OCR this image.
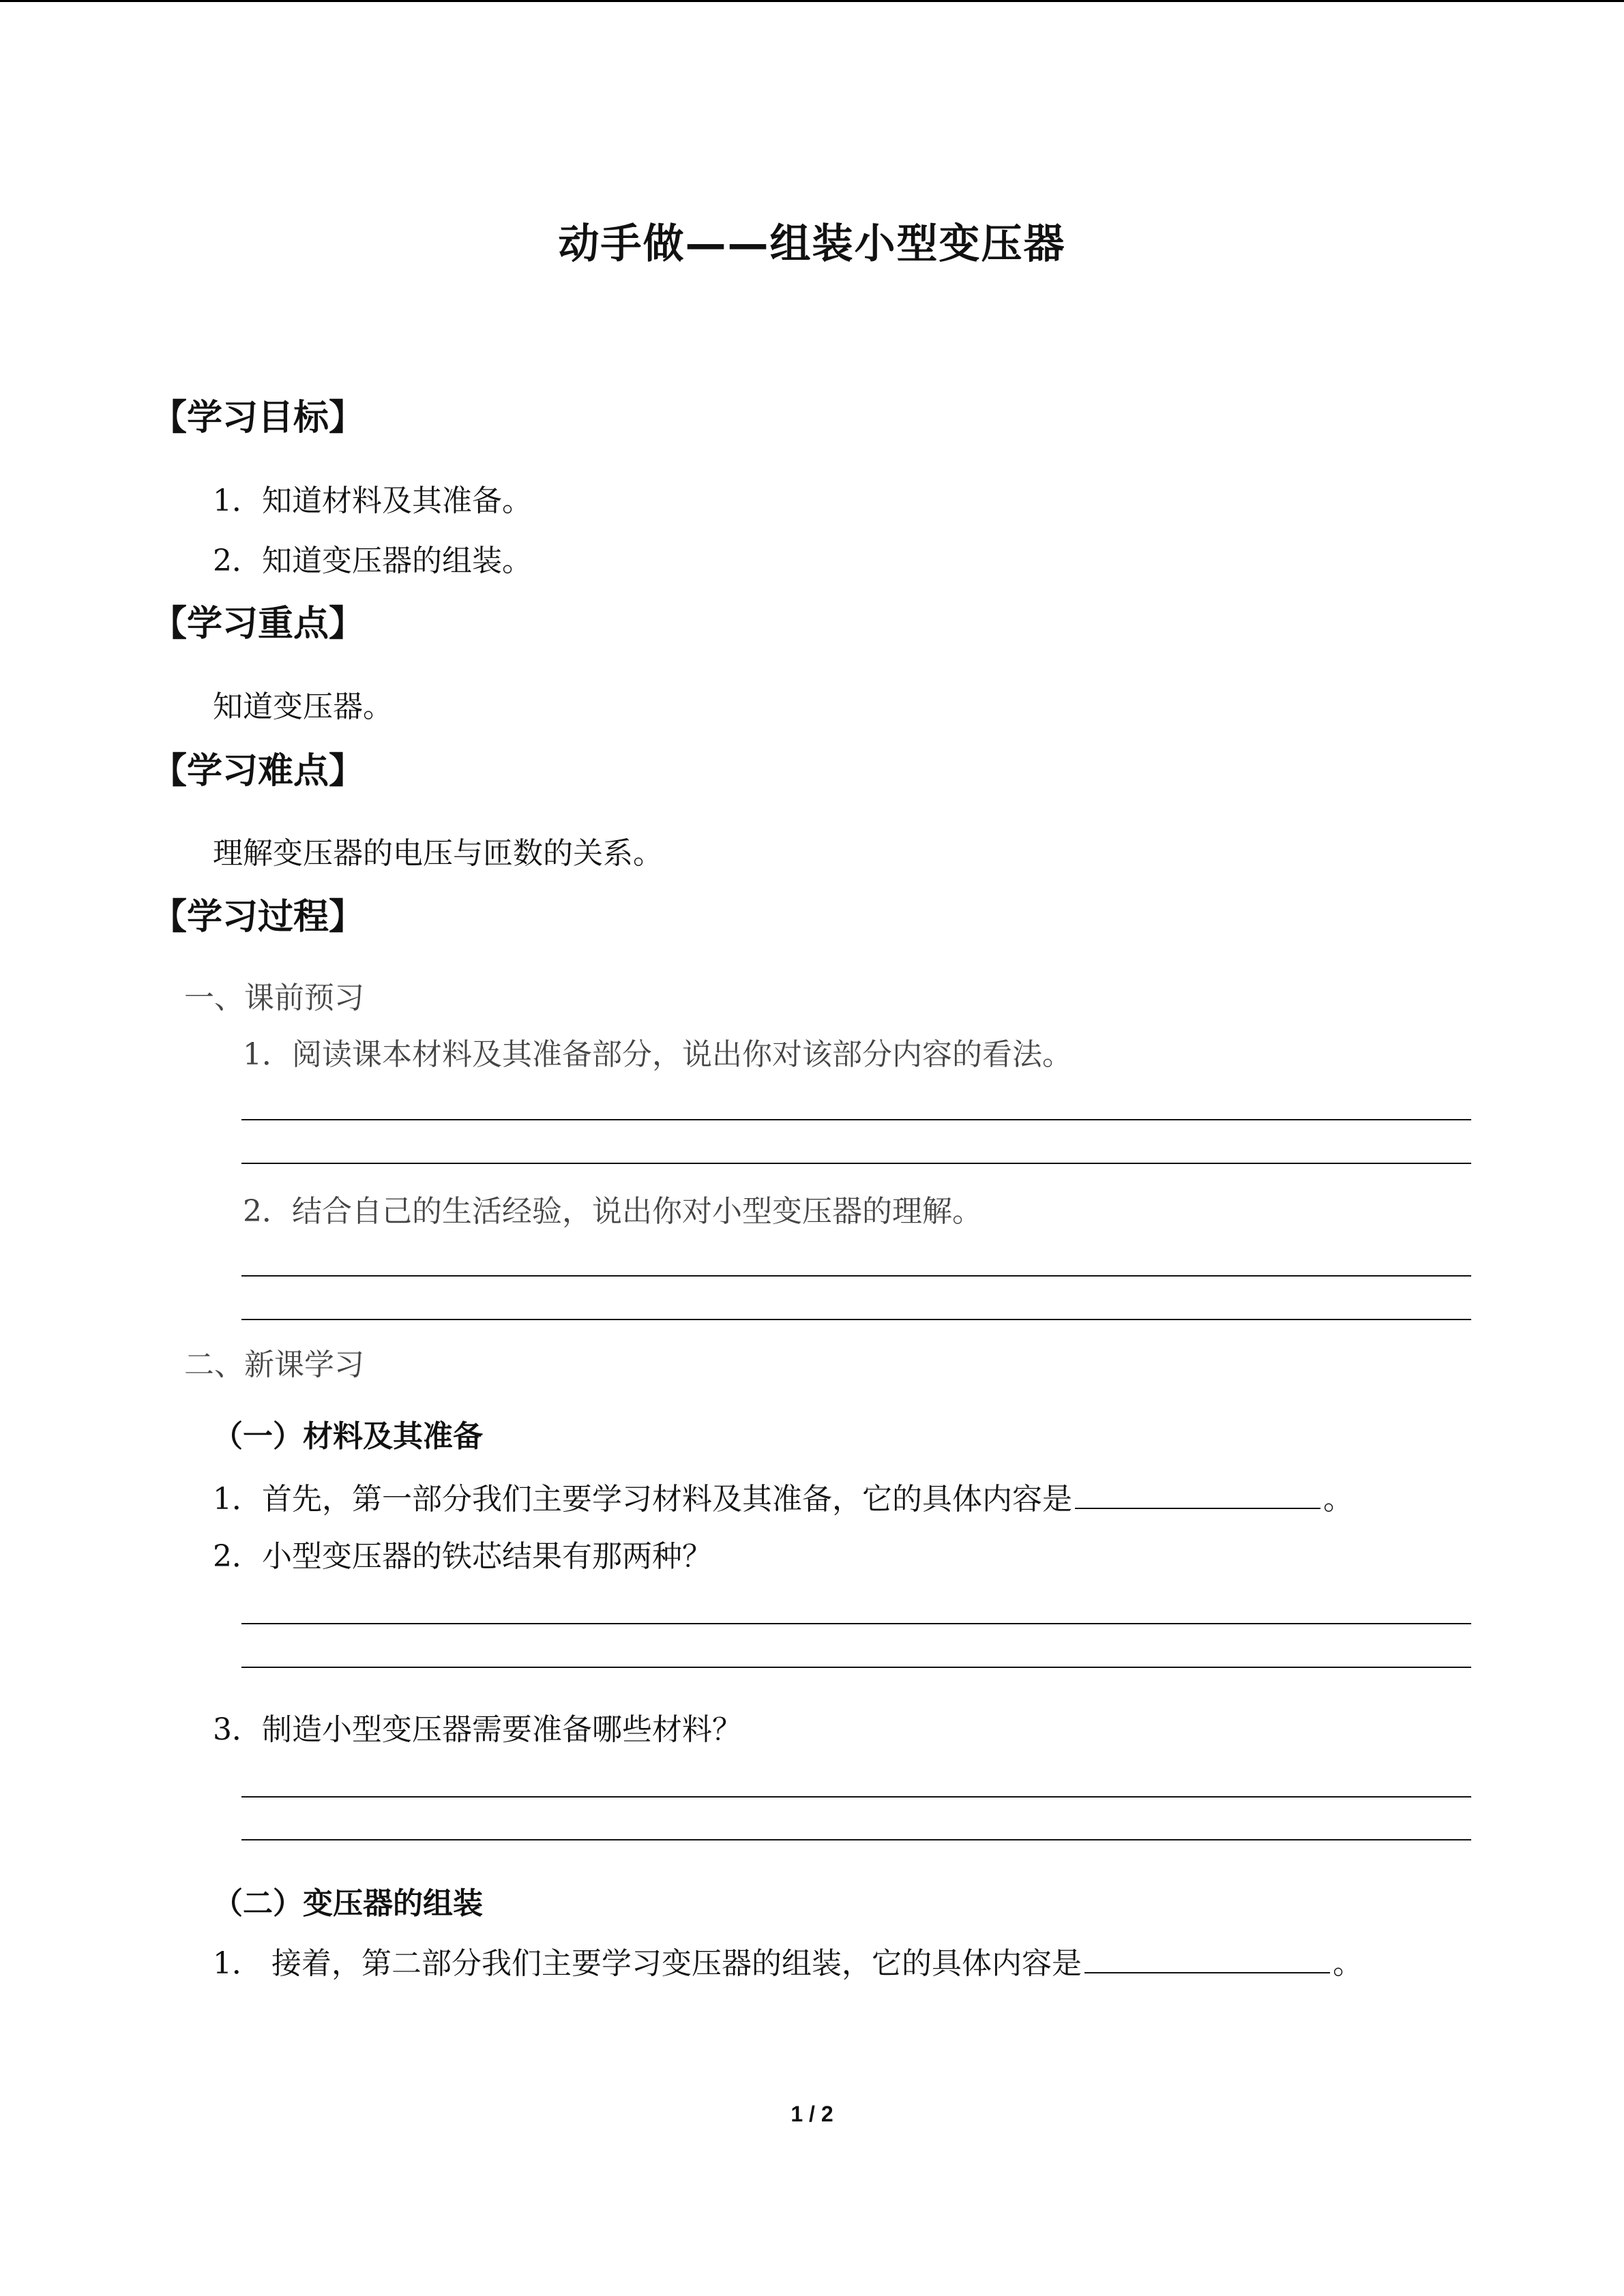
动手做——组装小型变压器
【学习目标】
1．知道材料及其准备。
2．知道变压器的组装。
【学习重点】
知道变压器。
【学习难点】
理解变压器的电压与匝数的关系。
【学习过程】
一、课前预习
1．阅读课本材料及其准备部分，说出你对该部分内容的看法。
2．结合自己的生活经验，说出你对小型变压器的理解。
二、新课学习
（一）材料及其准备
1．首先，第一部分我们主要学习材料及其准备，它的具体内容是	。
2．小型变压器的铁芯结果有那两种？
3．制造小型变压器需要准备哪些材料？
（二）变压器的组装
1． 接着，第二部分我们主要学习变压器的组装，它的具体内容是	。
1 / 2
